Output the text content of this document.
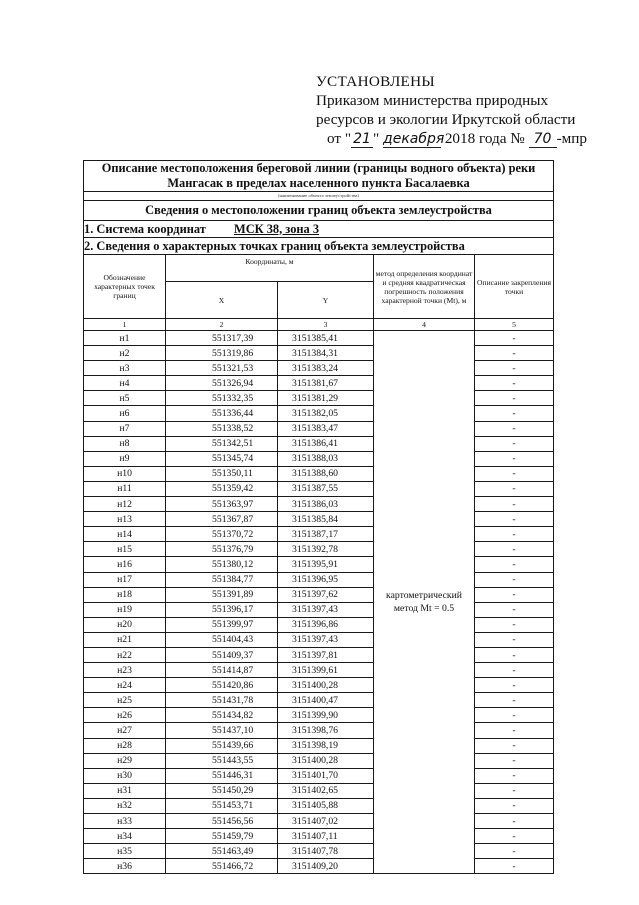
УСТАНОВЛЕНЫ
Приказом министерства природных
ресурсов и экологии Иркутской области
от " 21 " декабря 2018 года № 70 -мпр
Описание местоположения береговой линии (границы водного объекта) реки
Мангасак в пределах населенного пункта Басалаевка				

(наименование объекта землеустройства)				
Сведения о местоположении границ объекта землеустройства				
1. Система координат МСК 38, зона 3				
2. Сведения о характерных точках границ объекта землеустройства				
Обозначение характерных точек границ	Координаты, м		метод определения координат и средняя квадратическая погрешность положения характерной точки (Mt), м	Описание закрепления точки
	X	Y		
1	2	3	4	5
н1	551317,39	3151385,41	картометрический метод Mt = 0.5	-
н2	551319,86	3151384,31		-
н3	551321,53	3151383,24		-
н4	551326,94	3151381,67		-
н5	551332,35	3151381,29		-
н6	551336,44	3151382,05		-
н7	551338,52	3151383,47		-
н8	551342,51	3151386,41		-
н9	551345,74	3151388,03		-
н10	551350,11	3151388,60		-
н11	551359,42	3151387,55		-
н12	551363,97	3151386,03		-
н13	551367,87	3151385,84		-
н14	551370,72	3151387,17		-
н15	551376,79	3151392,78		-
н16	551380,12	3151395,91		-
н17	551384,77	3151396,95		-
н18	551391,89	3151397,62		-
н19	551396,17	3151397,43		-
н20	551399,97	3151396,86		-
н21	551404,43	3151397,43		-
н22	551409,37	3151397,81		-
н23	551414,87	3151399,61		-
н24	551420,86	3151400,28		-
н25	551431,78	3151400,47		-
н26	551434,82	3151399,90		-
н27	551437,10	3151398,76		-
н28	551439,66	3151398,19		-
н29	551443,55	3151400,28		-
н30	551446,31	3151401,70		-
н31	551450,29	3151402,65		-
н32	551453,71	3151405,88		-
н33	551456,56	3151407,02		-
н34	551459,79	3151407,11		-
н35	551463,49	3151407,78		-
н36	551466,72	3151409,20		-
